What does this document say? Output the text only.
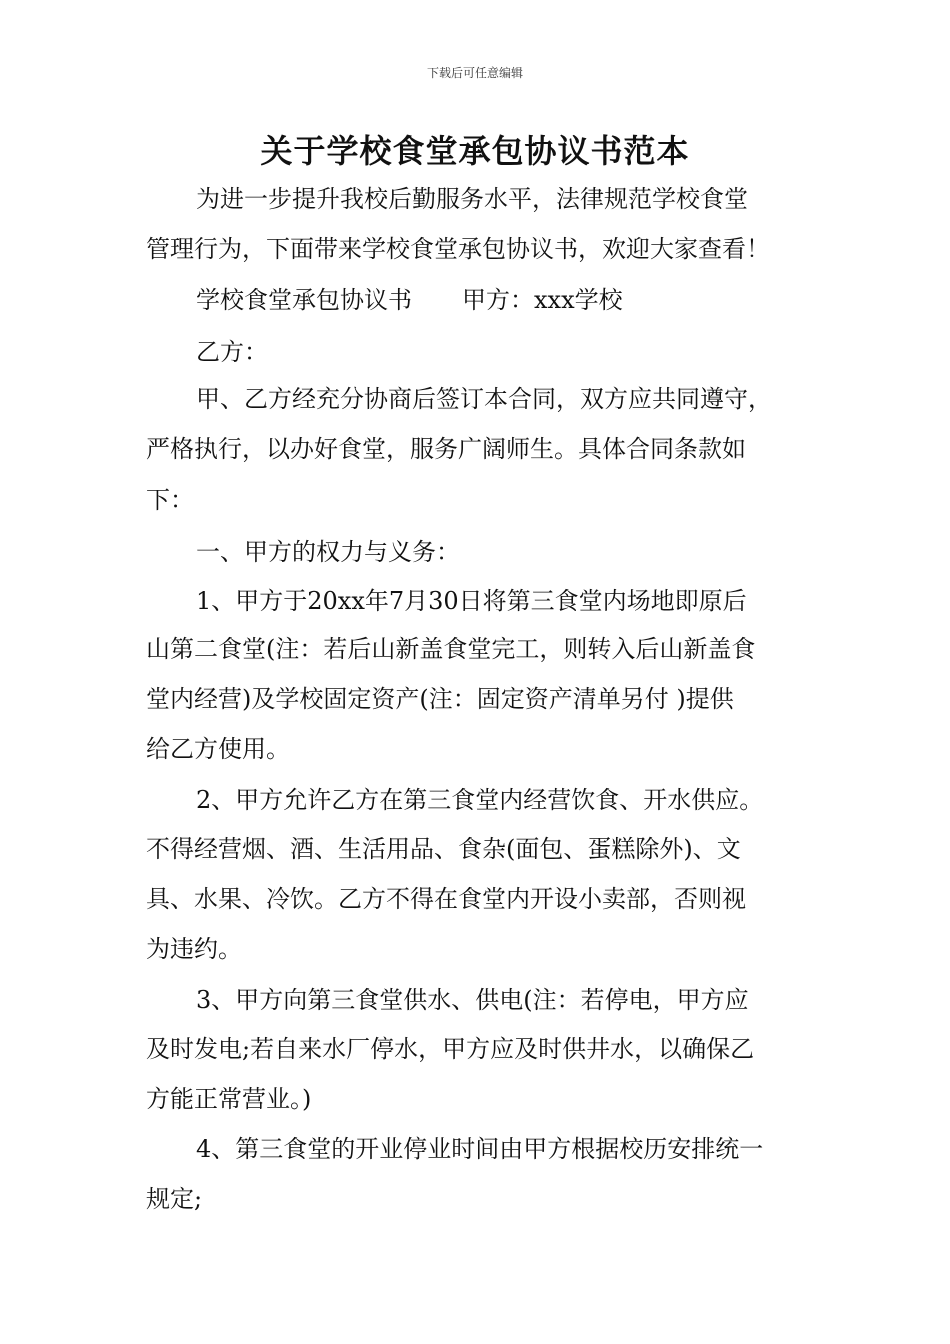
下载后可任意编辑
关于学校食堂承包协议书范本
为进一步提升我校后勤服务水平，法律规范学校食堂
管理行为，下面带来学校食堂承包协议书，欢迎大家查看！
学校食堂承包协议书 甲方：xxx学校
乙方：
甲、乙方经充分协商后签订本合同，双方应共同遵守，
严格执行，以办好食堂，服务广阔师生。具体合同条款如
下：
一、甲方的权力与义务：
1、甲方于20xx年7月30日将第三食堂内场地即原后
山第二食堂(注：若后山新盖食堂完工，则转入后山新盖食
堂内经营)及学校固定资产(注：固定资产清单另付 )提供
给乙方使用。
2、甲方允许乙方在第三食堂内经营饮食、开水供应。
不得经营烟、酒、生活用品、食杂(面包、蛋糕除外)、文
具、水果、冷饮。乙方不得在食堂内开设小卖部，否则视
为违约。
3、甲方向第三食堂供水、供电(注：若停电，甲方应
及时发电;若自来水厂停水，甲方应及时供井水，以确保乙
方能正常营业。)
4、第三食堂的开业停业时间由甲方根据校历安排统一
规定;
